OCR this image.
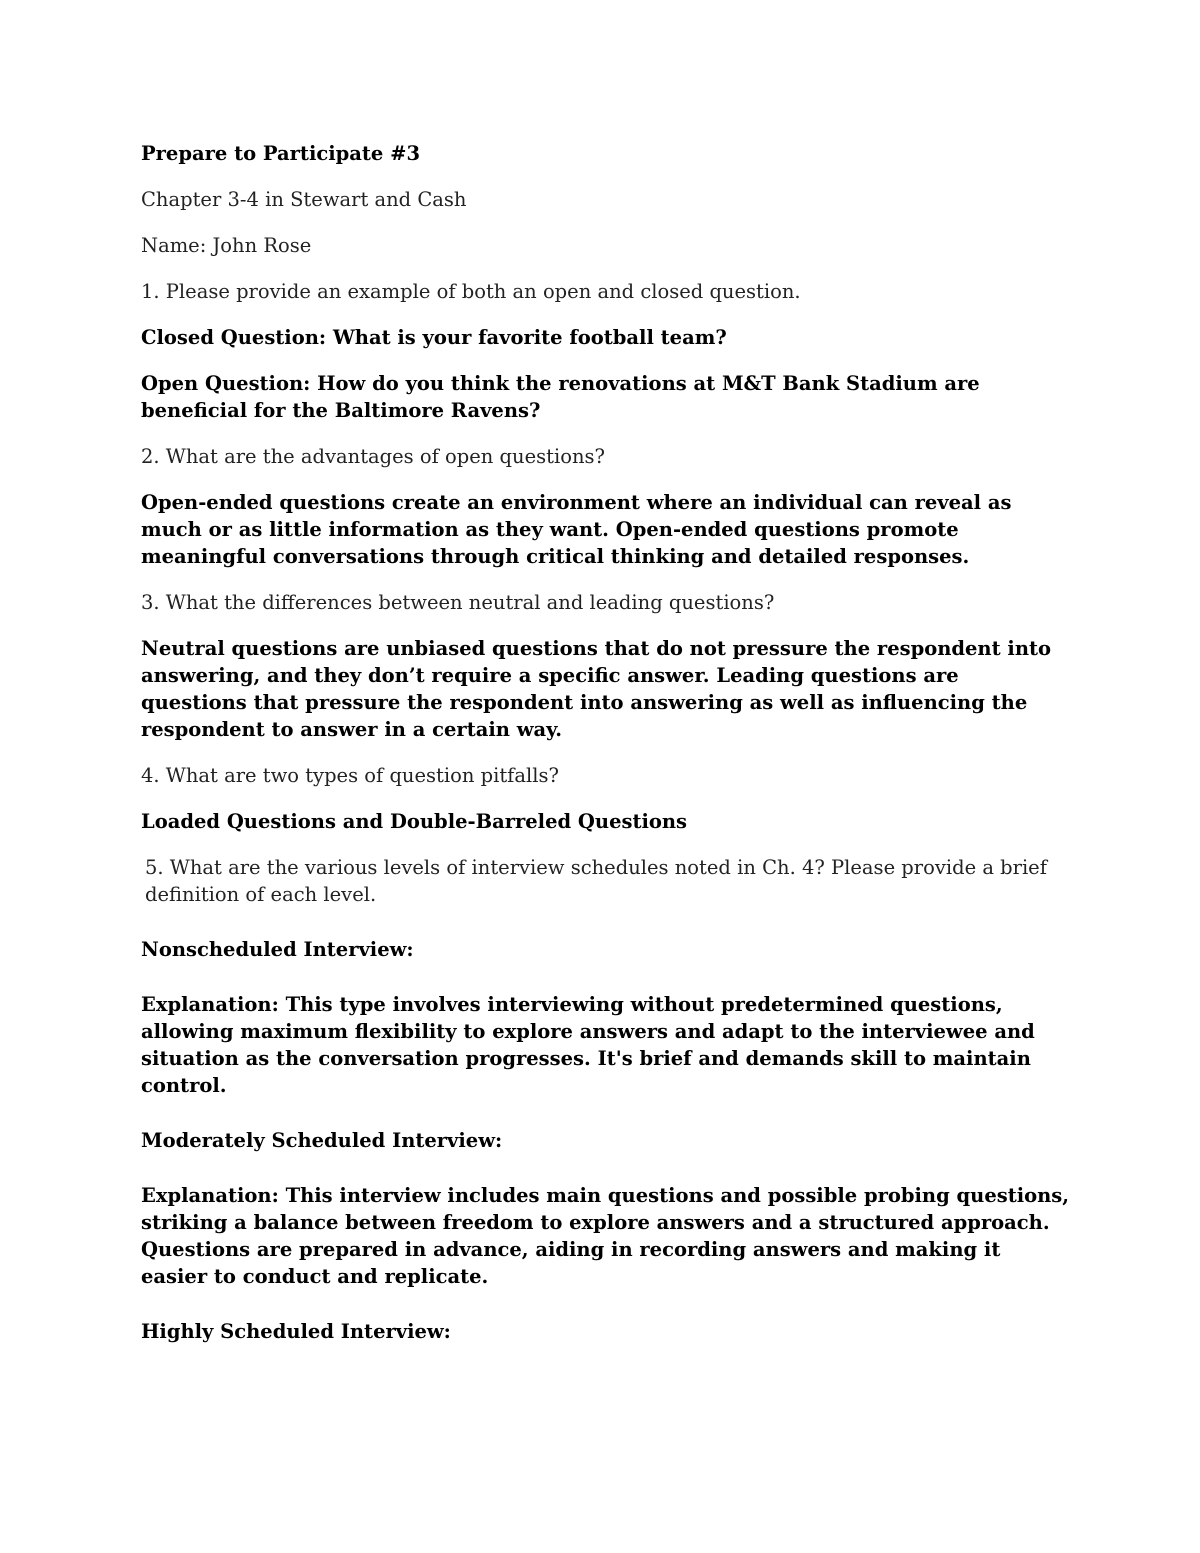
Prepare to Participate #3

Chapter 3-4 in Stewart and Cash

Name: John Rose

1. Please provide an example of both an open and closed question.

Closed Question: What is your favorite football team?

Open Question: How do you think the renovations at M&T Bank Stadium are beneficial for the Baltimore Ravens?

2. What are the advantages of open questions?

Open-ended questions create an environment where an individual can reveal as much or as little information as they want. Open-ended questions promote meaningful conversations through critical thinking and detailed responses.

3. What the differences between neutral and leading questions?

Neutral questions are unbiased questions that do not pressure the respondent into answering, and they don’t require a specific answer. Leading questions are questions that pressure the respondent into answering as well as influencing the respondent to answer in a certain way.

4. What are two types of question pitfalls?

Loaded Questions and Double-Barreled Questions

5. What are the various levels of interview schedules noted in Ch. 4? Please provide a brief definition of each level.

Nonscheduled Interview:

Explanation: This type involves interviewing without predetermined questions, allowing maximum flexibility to explore answers and adapt to the interviewee and situation as the conversation progresses. It's brief and demands skill to maintain control.

Moderately Scheduled Interview:

Explanation: This interview includes main questions and possible probing questions, striking a balance between freedom to explore answers and a structured approach. Questions are prepared in advance, aiding in recording answers and making it easier to conduct and replicate.

Highly Scheduled Interview:
